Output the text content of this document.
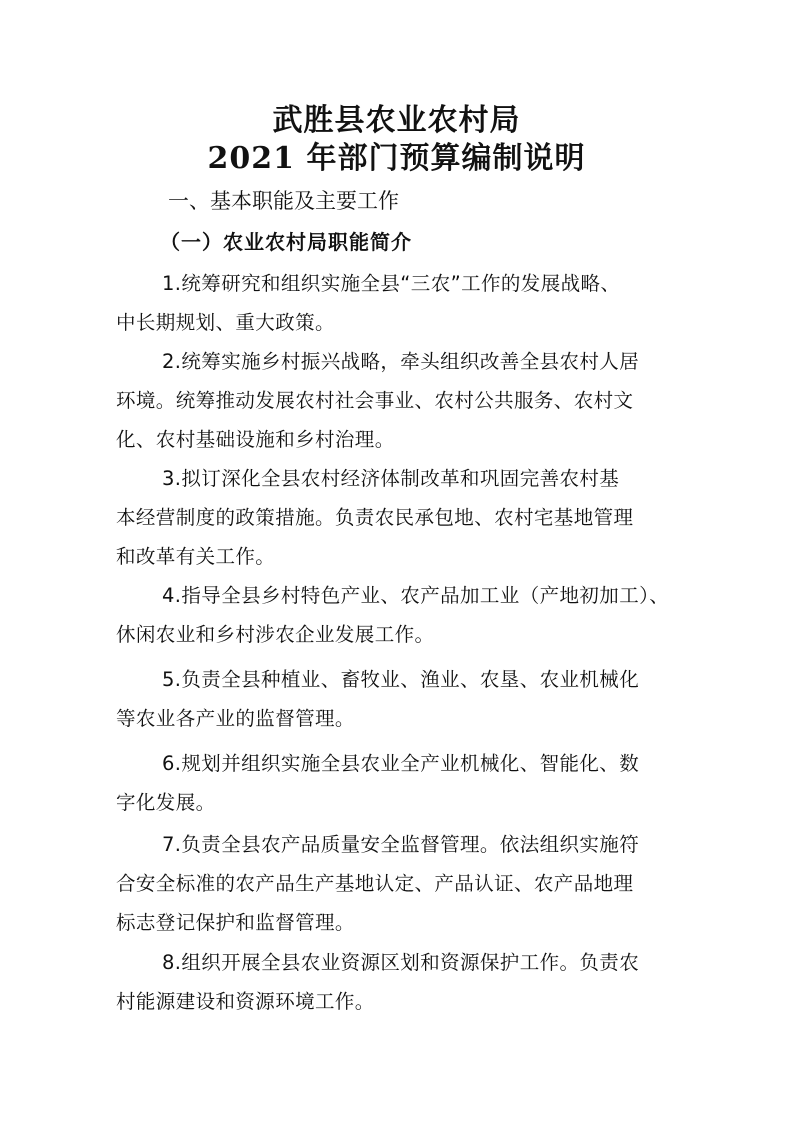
武胜县农业农村局
2021 年部门预算编制说明
一、基本职能及主要工作
（一）农业农村局职能简介
1.统筹研究和组织实施全县“三农”工作的发展战略、
中长期规划、重大政策。
2.统筹实施乡村振兴战略，牵头组织改善全县农村人居
环境。统筹推动发展农村社会事业、农村公共服务、农村文
化、农村基础设施和乡村治理。
3.拟订深化全县农村经济体制改革和巩固完善农村基
本经营制度的政策措施。负责农民承包地、农村宅基地管理
和改革有关工作。
4.指导全县乡村特色产业、农产品加工业（产地初加工）、
休闲农业和乡村涉农企业发展工作。
5.负责全县种植业、畜牧业、渔业、农垦、农业机械化
等农业各产业的监督管理。
6.规划并组织实施全县农业全产业机械化、智能化、数
字化发展。
7.负责全县农产品质量安全监督管理。依法组织实施符
合安全标准的农产品生产基地认定、产品认证、农产品地理
标志登记保护和监督管理。
8.组织开展全县农业资源区划和资源保护工作。负责农
村能源建设和资源环境工作。
